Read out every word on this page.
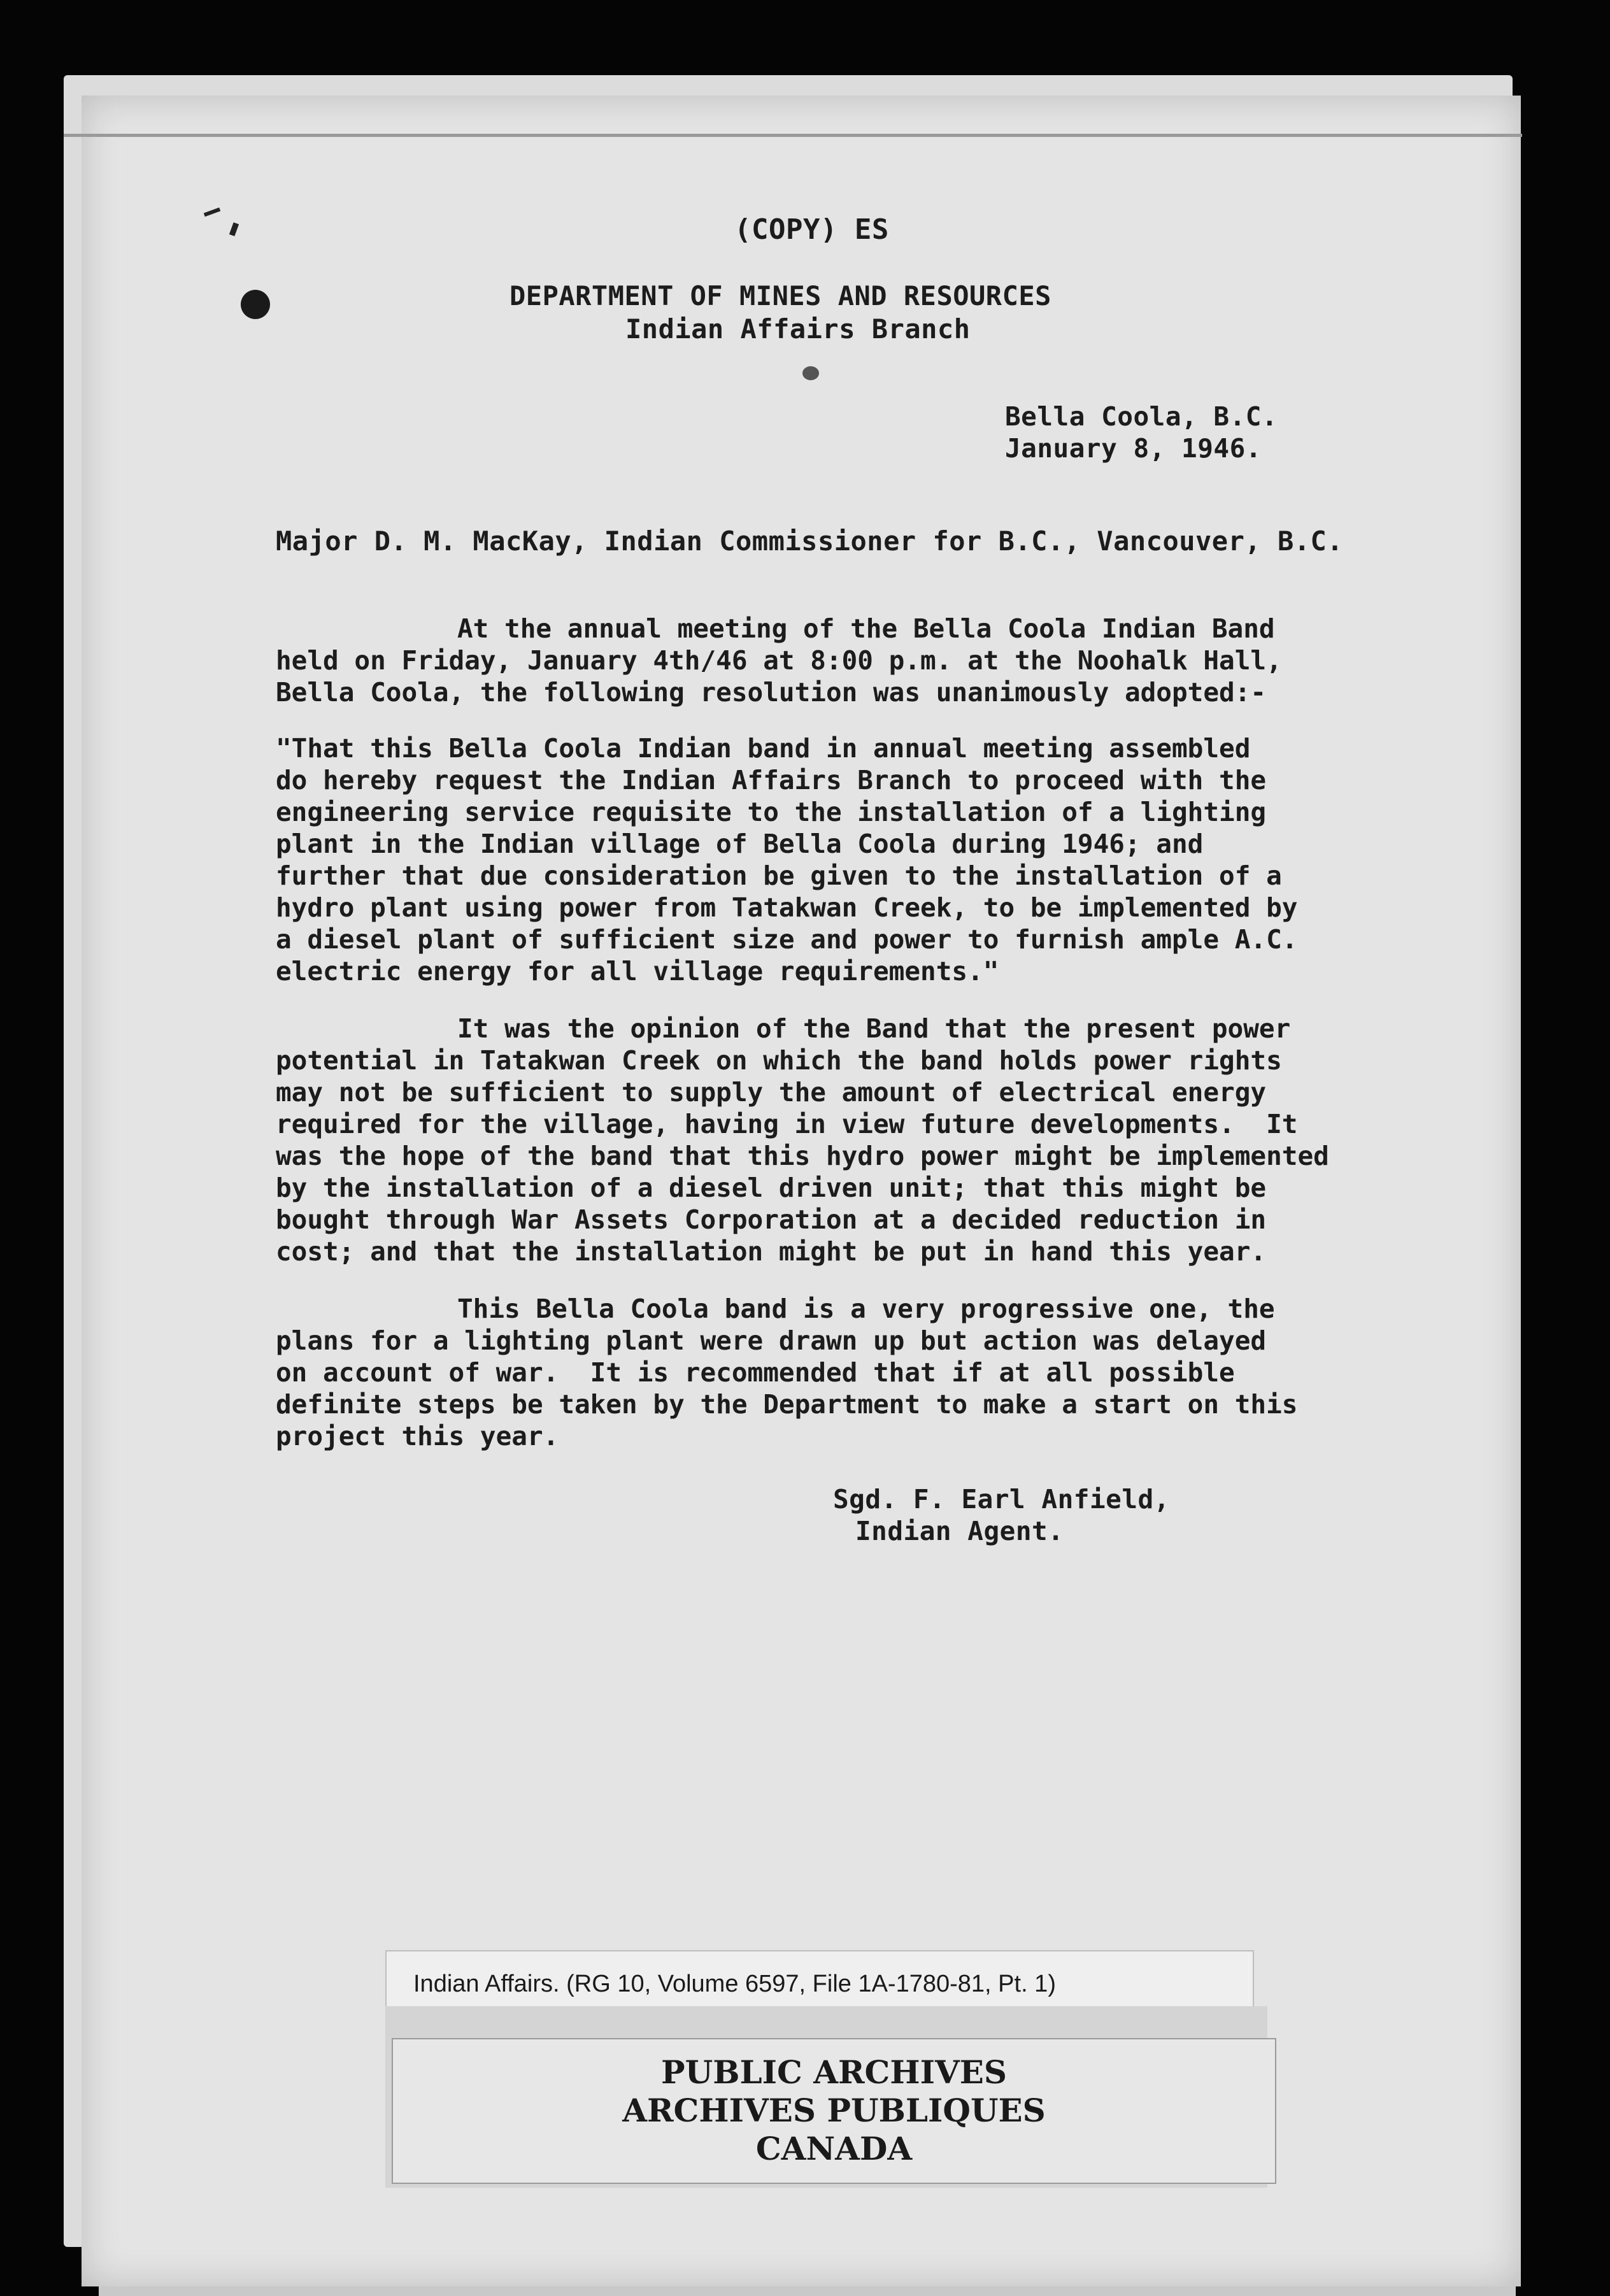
(COPY) ES
DEPARTMENT OF MINES AND RESOURCES
Indian Affairs Branch
Bella Coola, B.C.
January 8, 1946.
Major D. M. MacKay, Indian Commissioner for B.C., Vancouver, B.C.
At the annual meeting of the Bella Coola Indian Band
held on Friday, January 4th/46 at 8:00 p.m. at the Noohalk Hall,
Bella Coola, the following resolution was unanimously adopted:-
"That this Bella Coola Indian band in annual meeting assembled
do hereby request the Indian Affairs Branch to proceed with the
engineering service requisite to the installation of a lighting
plant in the Indian village of Bella Coola during 1946; and
further that due consideration be given to the installation of a
hydro plant using power from Tatakwan Creek, to be implemented by
a diesel plant of sufficient size and power to furnish ample A.C.
electric energy for all village requirements."
It was the opinion of the Band that the present power
potential in Tatakwan Creek on which the band holds power rights
may not be sufficient to supply the amount of electrical energy
required for the village, having in view future developments.  It
was the hope of the band that this hydro power might be implemented
by the installation of a diesel driven unit; that this might be
bought through War Assets Corporation at a decided reduction in
cost; and that the installation might be put in hand this year.
This Bella Coola band is a very progressive one, the
plans for a lighting plant were drawn up but action was delayed
on account of war.  It is recommended that if at all possible
definite steps be taken by the Department to make a start on this
project this year.
Sgd. F. Earl Anfield,
Indian Agent.
Indian Affairs. (RG 10, Volume 6597, File 1A-1780-81, Pt. 1)
PUBLIC ARCHIVES
ARCHIVES PUBLIQUES
CANADA
